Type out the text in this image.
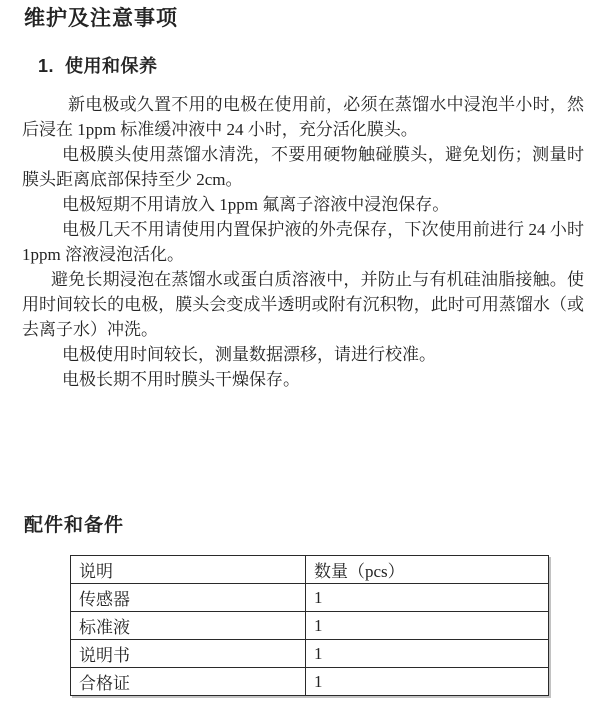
维护及注意事项
1. 使用和保养

新电极或久置不用的电极在使用前，必须在蒸馏水中浸泡半小时，然后浸在 1ppm 标准缓冲液中 24 小时，充分活化膜头。

电极膜头使用蒸馏水清洗，不要用硬物触碰膜头，避免划伤；测量时膜头距离底部保持至少 2cm。

电极短期不用请放入 1ppm 氟离子溶液中浸泡保存。

电极几天不用请使用内置保护液的外壳保存，下次使用前进行 24 小时 1ppm 溶液浸泡活化。

避免长期浸泡在蒸馏水或蛋白质溶液中，并防止与有机硅油脂接触。使用时间较长的电极，膜头会变成半透明或附有沉积物，此时可用蒸馏水（或去离子水）冲洗。

电极使用时间较长，测量数据漂移，请进行校准。

电极长期不用时膜头干燥保存。

配件和备件
说明	数量（pcs）
传感器	1
标准液	1
说明书	1
合格证	1
